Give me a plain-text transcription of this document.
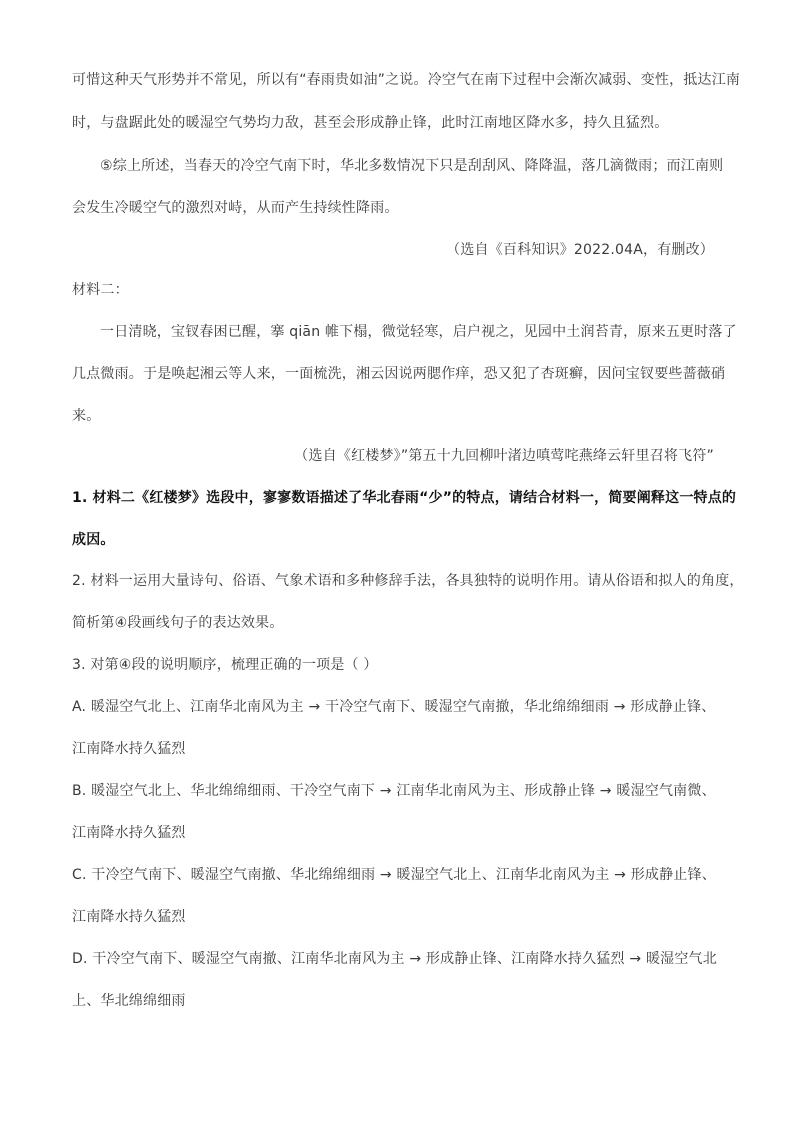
可惜这种天气形势并不常见，所以有“春雨贵如油”之说。冷空气在南下过程中会渐次减弱、变性，抵达江南
时，与盘踞此处的暖湿空气势均力敌，甚至会形成静止锋，此时江南地区降水多，持久且猛烈。
⑤综上所述，当春天的冷空气南下时，华北多数情况下只是刮刮风、降降温，落几滴微雨；而江南则
会发生冷暖空气的激烈对峙，从而产生持续性降雨。
（选自《百科知识》2022.04A，有删改）
材料二：
一日清晓，宝钗春困已醒，搴 qiān 帷下榻，微觉轻寒，启户视之，见园中土润苔青，原来五更时落了
几点微雨。于是唤起湘云等人来，一面梳洗，湘云因说两腮作痒，恐又犯了杏斑癣，因问宝钗要些蔷薇硝
来。
（选自《红楼梦》”第五十九回柳叶渚边嗔莺咤燕绛云轩里召将飞符”
1. 材料二《红楼梦》选段中，寥寥数语描述了华北春雨“少”的特点，请结合材料一，简要阐释这一特点的
成因。
2. 材料一运用大量诗句、俗语、气象术语和多种修辞手法，各具独特的说明作用。请从俗语和拟人的角度，
简析第④段画线句子的表达效果。
3. 对第④段的说明顺序，梳理正确的一项是（ ）
A. 暖湿空气北上、江南华北南风为主 → 干冷空气南下、暖湿空气南撤，华北绵绵细雨 → 形成静止锋、
江南降水持久猛烈
B. 暖湿空气北上、华北绵绵细雨、干冷空气南下 → 江南华北南风为主、形成静止锋 → 暖湿空气南微、
江南降水持久猛烈
C. 干冷空气南下、暖湿空气南撤、华北绵绵细雨 → 暖湿空气北上、江南华北南风为主 → 形成静止锋、
江南降水持久猛烈
D. 干冷空气南下、暖湿空气南撤、江南华北南风为主 → 形成静止锋、江南降水持久猛烈 → 暖湿空气北
上、华北绵绵细雨
